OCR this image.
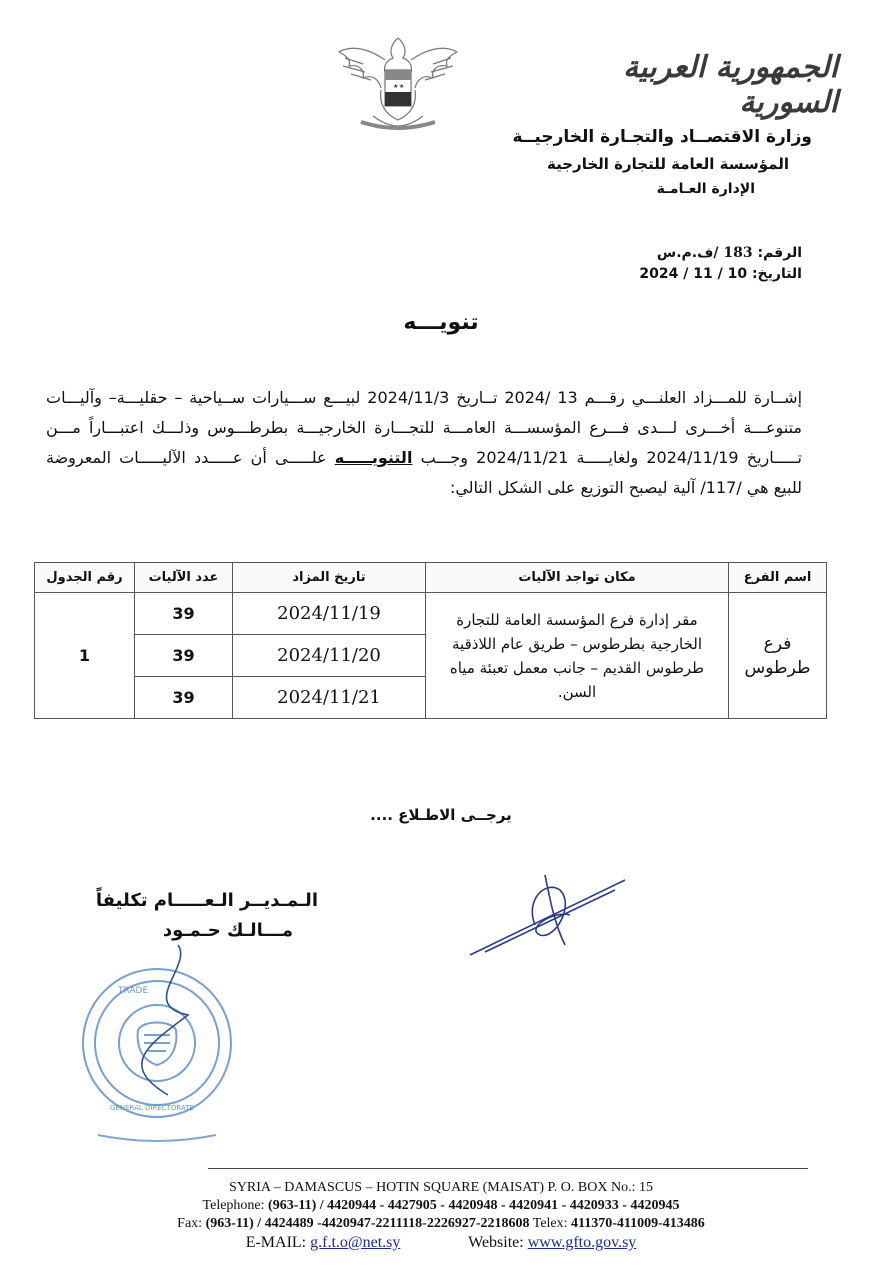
★ ★
الجمهورية العربية السورية
وزارة الاقتصــاد والتجـارة الخارجيــة
المؤسسة العامة للتجارة الخارجية
الإدارة العـامـة
الرقم: 183 /ف.م.س
التاريخ: 2024 / 11 / 10
تنويـــه
إشــارة للمـــزاد العلنـــي رقـــم 13 /2024 تــاريخ 2024/11/3 لبيـــع ســـيارات ســياحية – حقليـــة– وآليـــات متنوعـــة أخـــرى لـــدى فـــرع المؤسســـة العامـــة للتجـــارة الخارجيـــة بطرطـــوس وذلـــك اعتبـــاراً مـــن تـــــاريخ 2024/11/19 ولغايـــــة 2024/11/21 وجـــب التنويـــــه علـــــى أن عـــــدد الآليـــــات المعروضة للبيع هي /117/ آلية ليصبح التوزيع على الشكل التالي:
اسم الفرع	مكان تواجد الآليات	تاريخ المزاد	عدد الآليات	رقم الجدول
فرع طرطوس	مقر إدارة فرع المؤسسة العامة للتجارة الخارجية بطرطوس – طريق عام اللاذقية طرطوس القديم – جانب معمل تعبئة مياه السن.	2024/11/19	39	1
		2024/11/20	39	
		2024/11/21	39	
يرجــى الاطـلاع ....
الـمـديــر الـعـــــام تكليفاً
مـــالـك حـمـود
TRADE
GENERAL DIRECTORATE
SYRIA – DAMASCUS – HOTIN SQUARE (MAISAT) P. O. BOX No.: 15
Telephone: (963-11) / 4420944 - 4427905 - 4420948 - 4420941 - 4420933 - 4420945
Fax: (963-11) / 4424489 -4420947-2211118-2226927-2218608 Telex: 411370-411009-413486
E-MAIL: g.f.t.o@net.sy	Website: www.gfto.gov.sy
